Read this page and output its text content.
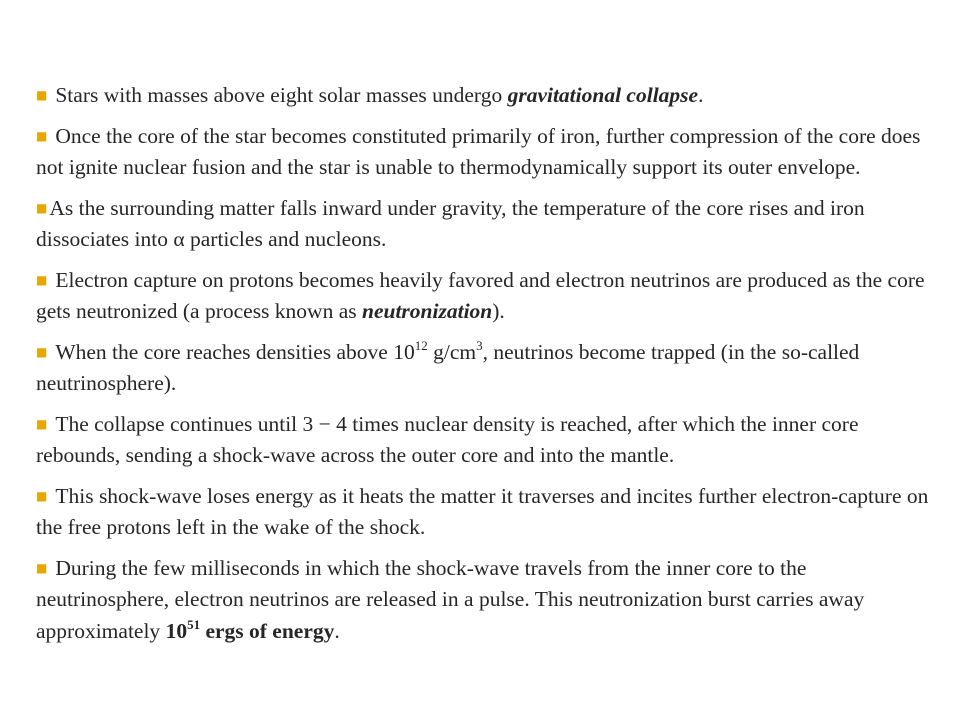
■ Stars with masses above eight solar masses undergo gravitational collapse.
■ Once the core of the star becomes constituted primarily of iron, further compression of the core does not ignite nuclear fusion and the star is unable to thermodynamically support its outer envelope.
■As the surrounding matter falls inward under gravity, the temperature of the core rises and iron dissociates into α particles and nucleons.
■ Electron capture on protons becomes heavily favored and electron neutrinos are produced as the core gets neutronized (a process known as neutronization).
■ When the core reaches densities above $10^{12}$ $g/cm^3$, neutrinos become trapped (in the so-called neutrinosphere).
■ The collapse continues until 3 − 4 times nuclear density is reached, after which the inner core rebounds, sending a shock-wave across the outer core and into the mantle.
■ This shock-wave loses energy as it heats the matter it traverses and incites further electron-capture on the free protons left in the wake of the shock.
■ During the few milliseconds in which the shock-wave travels from the inner core to the neutrinosphere, electron neutrinos are released in a pulse. This neutronization burst carries away approximately $10^{51}$ ergs of energy.
